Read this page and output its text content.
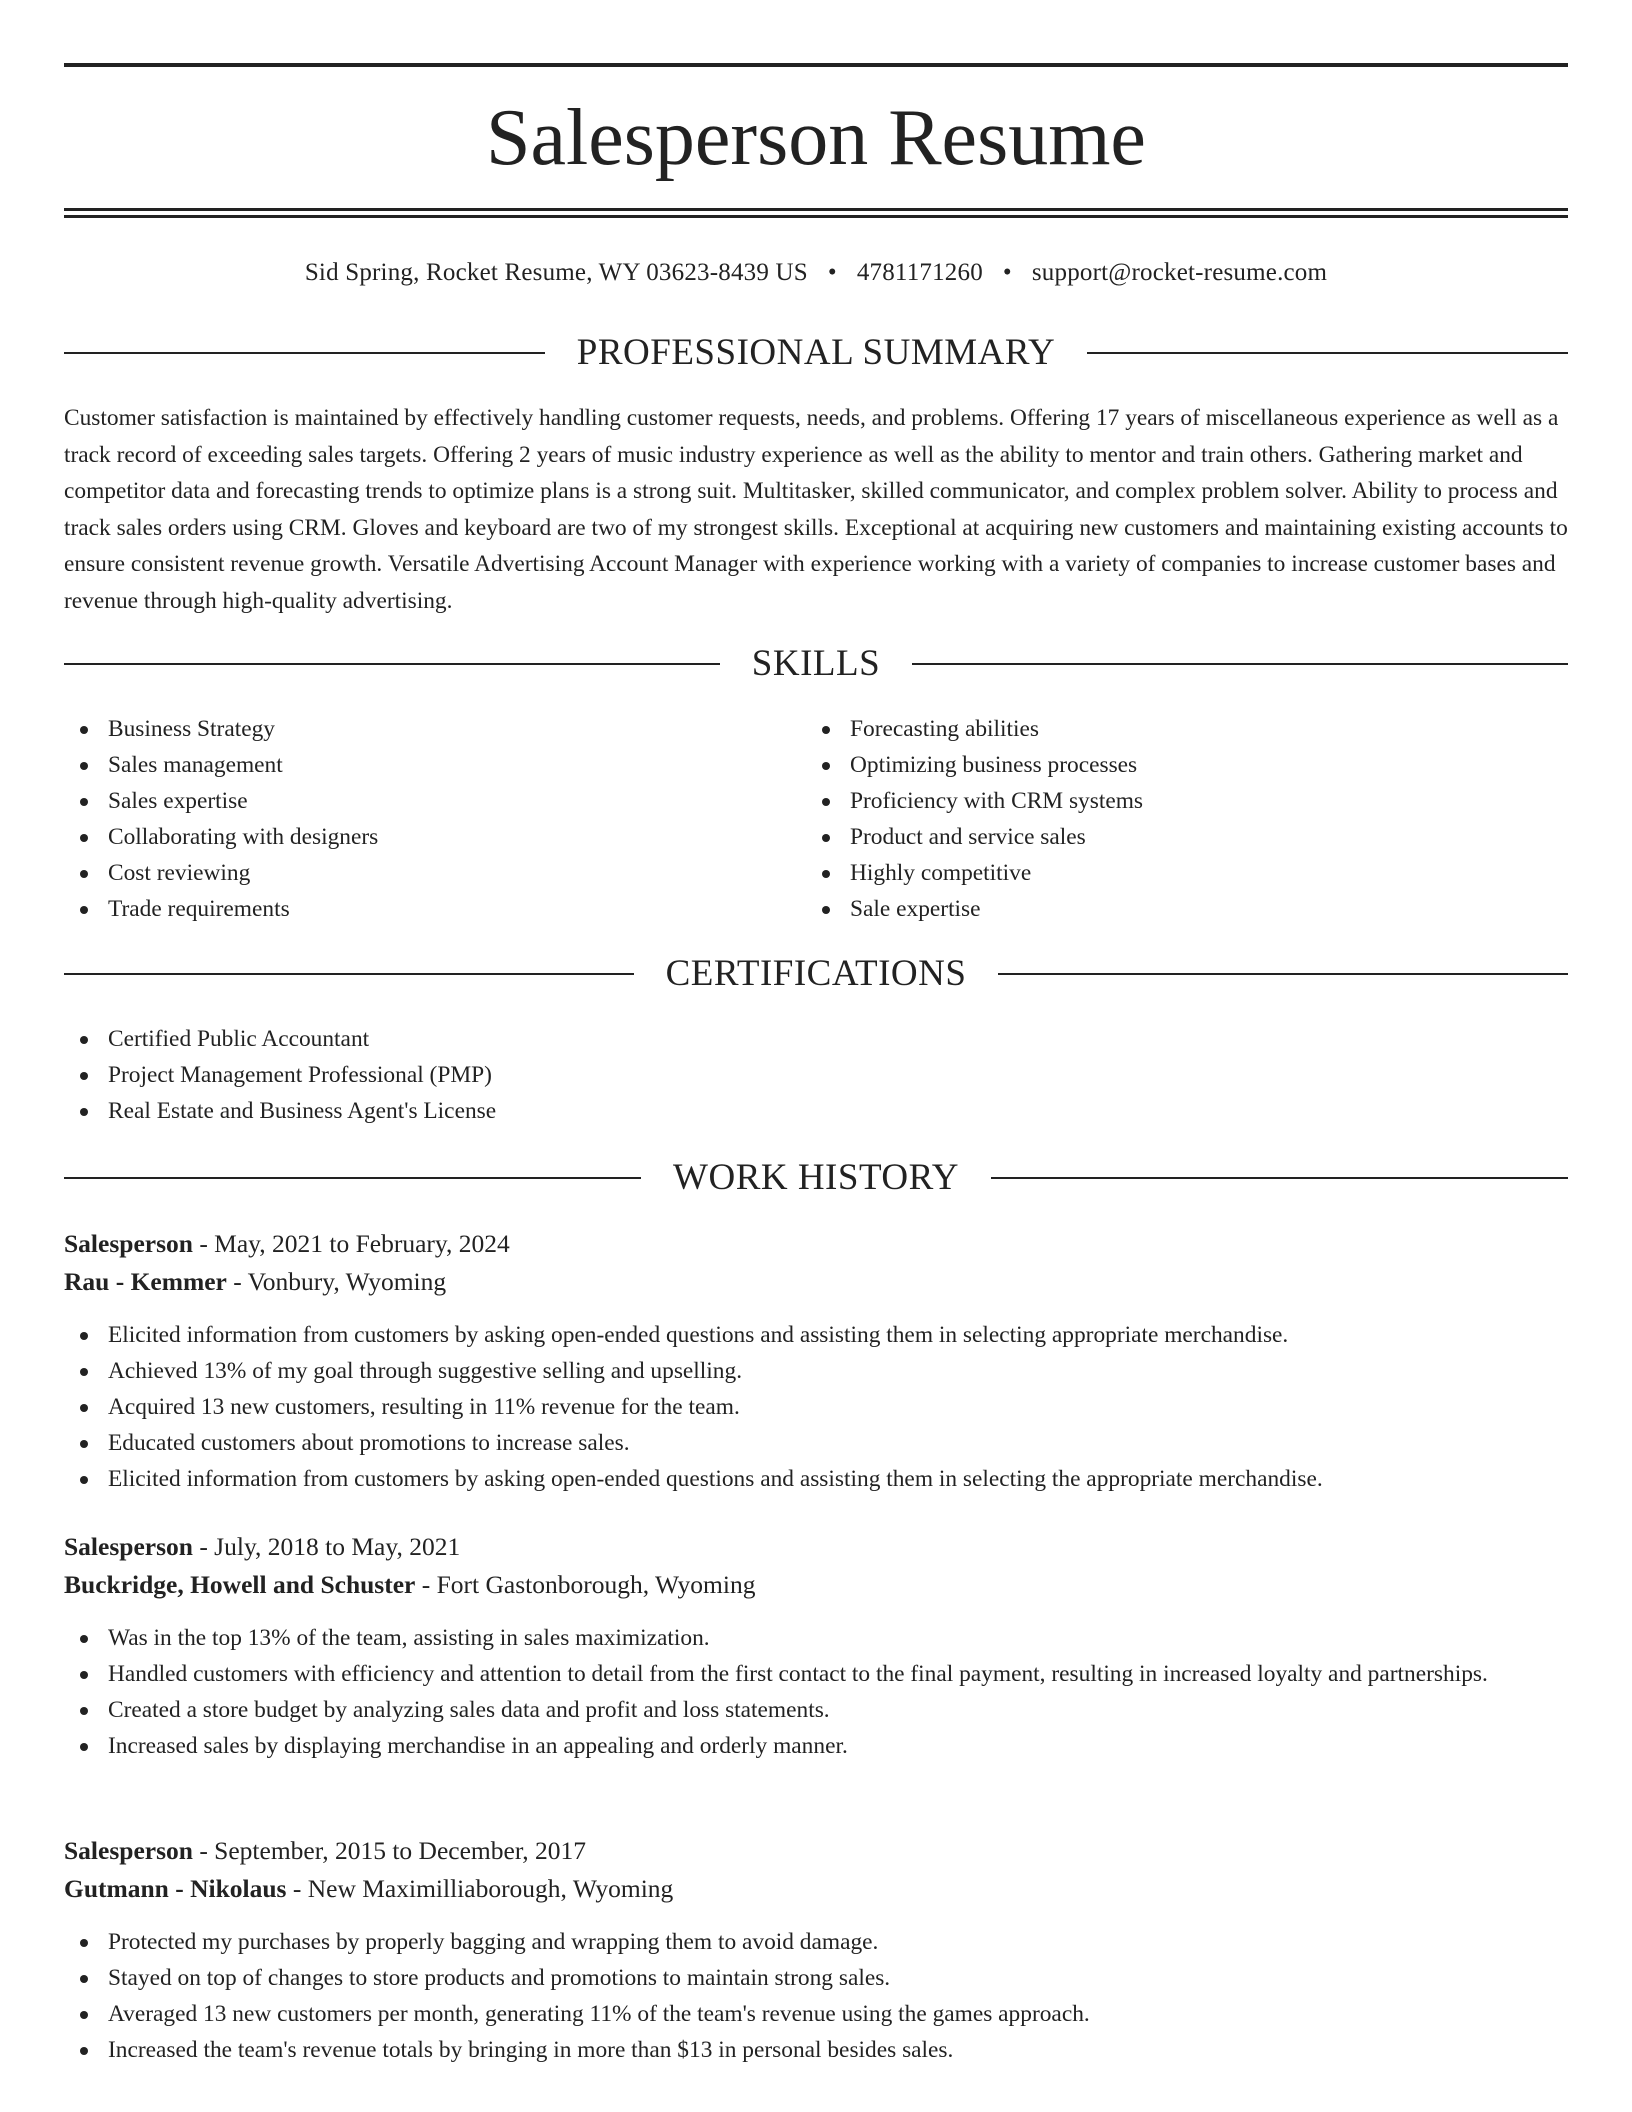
Salesperson Resume
Sid Spring, Rocket Resume, WY 03623-8439 US • 4781171260 • support@rocket-resume.com
PROFESSIONAL SUMMARY

Customer satisfaction is maintained by effectively handling customer requests, needs, and problems. Offering 17 years of miscellaneous experience as well as a track record of exceeding sales targets. Offering 2 years of music industry experience as well as the ability to mentor and train others. Gathering market and competitor data and forecasting trends to optimize plans is a strong suit. Multitasker, skilled communicator, and complex problem solver. Ability to process and track sales orders using CRM. Gloves and keyboard are two of my strongest skills. Exceptional at acquiring new customers and maintaining existing accounts to ensure consistent revenue growth. Versatile Advertising Account Manager with experience working with a variety of companies to increase customer bases and revenue through high-quality advertising.

SKILLS
Business Strategy
Sales management
Sales expertise
Collaborating with designers
Cost reviewing
Trade requirements
Forecasting abilities
Optimizing business processes
Proficiency with CRM systems
Product and service sales
Highly competitive
Sale expertise
CERTIFICATIONS
Certified Public Accountant
Project Management Professional (PMP)
Real Estate and Business Agent's License
WORK HISTORY
Salesperson - May, 2021 to February, 2024
Rau - Kemmer - Vonbury, Wyoming
Elicited information from customers by asking open-ended questions and assisting them in selecting appropriate merchandise.
Achieved 13% of my goal through suggestive selling and upselling.
Acquired 13 new customers, resulting in 11% revenue for the team.
Educated customers about promotions to increase sales.
Elicited information from customers by asking open-ended questions and assisting them in selecting the appropriate merchandise.
Salesperson - July, 2018 to May, 2021
Buckridge, Howell and Schuster - Fort Gastonborough, Wyoming
Was in the top 13% of the team, assisting in sales maximization.
Handled customers with efficiency and attention to detail from the first contact to the final payment, resulting in increased loyalty and partnerships.
Created a store budget by analyzing sales data and profit and loss statements.
Increased sales by displaying merchandise in an appealing and orderly manner.
Salesperson - September, 2015 to December, 2017
Gutmann - Nikolaus - New Maximilliaborough, Wyoming
Protected my purchases by properly bagging and wrapping them to avoid damage.
Stayed on top of changes to store products and promotions to maintain strong sales.
Averaged 13 new customers per month, generating 11% of the team's revenue using the games approach.
Increased the team's revenue totals by bringing in more than $13 in personal besides sales.
